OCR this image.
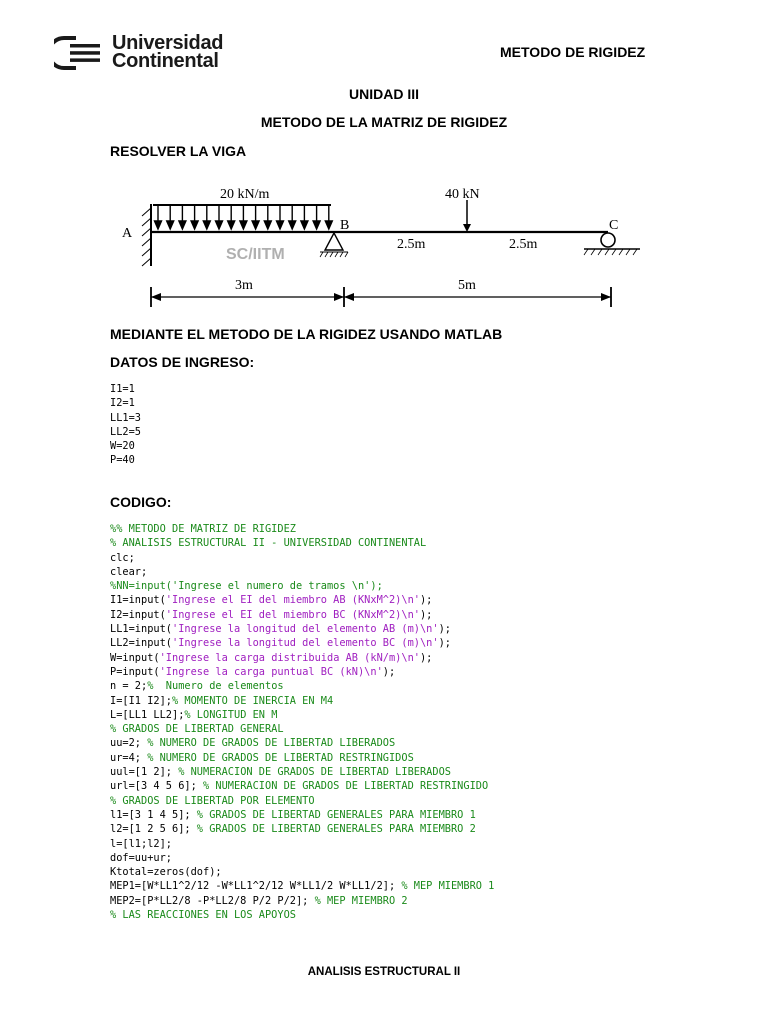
Universidad
Continental	METODO DE RIGIDEZ
UNIDAD III
METODO DE LA MATRIZ DE RIGIDEZ
RESOLVER LA VIGA
A
B	C
20 kN/m	40 kN
2.5m	2.5m
3m	5m
SC/IITM
MEDIANTE EL METODO DE LA RIGIDEZ USANDO MATLAB
DATOS DE INGRESO:
I1=1
I2=1
LL1=3
LL2=5
W=20
P=40
CODIGO:
%% METODO DE MATRIZ DE RIGIDEZ
% ANALISIS ESTRUCTURAL II - UNIVERSIDAD CONTINENTAL
clc;
clear;
%NN=input('Ingrese el numero de tramos \n');
I1=input('Ingrese el EI del miembro AB (KNxM^2)\n');
I2=input('Ingrese el EI del miembro BC (KNxM^2)\n');
LL1=input('Ingrese la longitud del elemento AB (m)\n');
LL2=input('Ingrese la longitud del elemento BC (m)\n');
W=input('Ingrese la carga distribuida AB (kN/m)\n');
P=input('Ingrese la carga puntual BC (kN)\n');
n = 2;%  Numero de elementos
I=[I1 I2];% MOMENTO DE INERCIA EN M4
L=[LL1 LL2];% LONGITUD EN M
% GRADOS DE LIBERTAD GENERAL
uu=2; % NUMERO DE GRADOS DE LIBERTAD LIBERADOS
ur=4; % NUMERO DE GRADOS DE LIBERTAD RESTRINGIDOS
uul=[1 2]; % NUMERACION DE GRADOS DE LIBERTAD LIBERADOS
url=[3 4 5 6]; % NUMERACION DE GRADOS DE LIBERTAD RESTRINGIDO
% GRADOS DE LIBERTAD POR ELEMENTO
l1=[3 1 4 5]; % GRADOS DE LIBERTAD GENERALES PARA MIEMBRO 1
l2=[1 2 5 6]; % GRADOS DE LIBERTAD GENERALES PARA MIEMBRO 2
l=[l1;l2];
dof=uu+ur;
Ktotal=zeros(dof);
MEP1=[W*LL1^2/12 -W*LL1^2/12 W*LL1/2 W*LL1/2]; % MEP MIEMBRO 1
MEP2=[P*LL2/8 -P*LL2/8 P/2 P/2]; % MEP MIEMBRO 2
% LAS REACCIONES EN LOS APOYOS
ANALISIS ESTRUCTURAL II
